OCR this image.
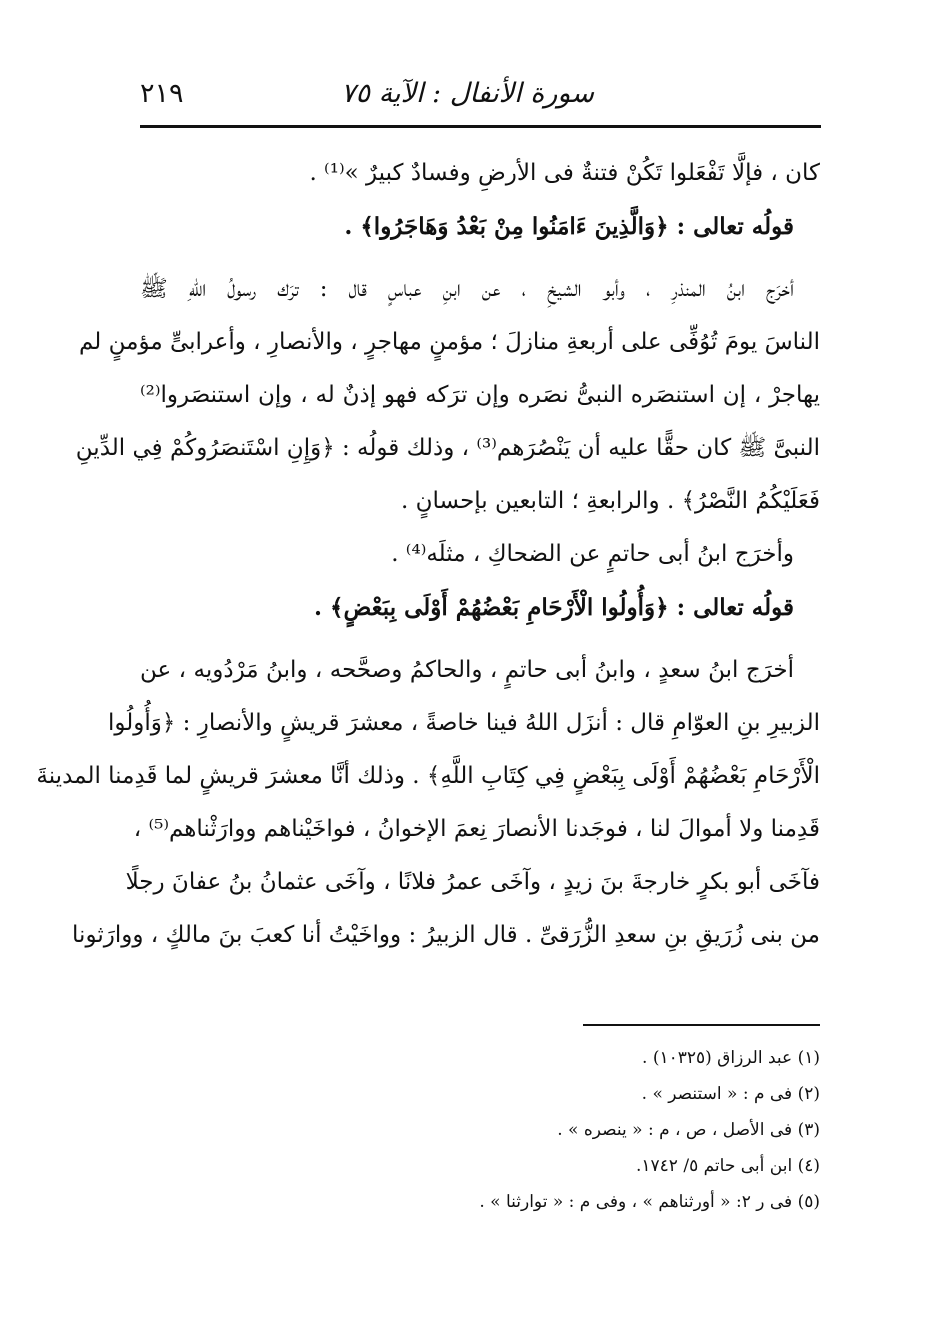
سورة الأنفال : الآية ٧٥
٢١٩
كان ، فإلَّا تَفْعَلوا تَكُنْ فتنةٌ فى الأرضِ وفسادٌ كبيرٌ »⁽¹⁾ .
قولُه تعالى : ﴿وَالَّذِينَ ءَامَنُوا مِنْ بَعْدُ وَهَاجَرُوا﴾ .
أخرَج ابنُ المنذرِ ، وأبو الشيخِ ، عن ابنِ عباسٍ قال : ترَك رسولُ اللهِ ﷺ
الناسَ يومَ تُوُفِّى على أربعةِ منازلَ ؛ مؤمنٍ مهاجرٍ ، والأنصارِ ، وأعرابىٍّ مؤمنٍ لم
يهاجرْ ، إن استنصَره النبىُّ نصَره وإن ترَكه فهو إذنٌ له ، وإن استنصَروا⁽²⁾
النبىَّ ﷺ كان حقًّا عليه أن يَنْصُرَهم⁽³⁾ ، وذلك قولُه : ﴿وَإِنِ اسْتَنصَرُوكُمْ فِي الدِّينِ
فَعَلَيْكُمُ النَّصْرُ﴾ . والرابعةِ ؛ التابعين بإحسانٍ .
وأخرَج ابنُ أبى حاتمٍ عن الضحاكِ ، مثلَه⁽⁴⁾ .
قولُه تعالى : ﴿وَأُولُوا الْأَرْحَامِ بَعْضُهُمْ أَوْلَى بِبَعْضٍ﴾ .
أخرَج ابنُ سعدٍ ، وابنُ أبى حاتمٍ ، والحاكمُ وصحَّحه ، وابنُ مَرْدُويه ، عن
الزبيرِ بنِ العوّامِ قال : أنزَل اللهُ فينا خاصةً ، معشرَ قريشٍ والأنصارِ : ﴿وَأُولُوا
الْأَرْحَامِ بَعْضُهُمْ أَوْلَى بِبَعْضٍ فِي كِتَابِ اللَّهِ﴾ . وذلك أنَّا معشرَ قريشٍ لما قَدِمنا المدينةَ
قَدِمنا ولا أموالَ لنا ، فوجَدنا الأنصارَ نِعمَ الإخوانُ ، فواخَيْناهم ووارَثْناهم⁽⁵⁾ ،
فآخَى أبو بكرٍ خارجةَ بنَ زيدٍ ، وآخَى عمرُ فلانًا ، وآخَى عثمانُ بنُ عفانَ رجلًا
من بنى زُرَيقِ بنِ سعدِ الزُّرَقىِّ . قال الزبيرُ : وواخَيْتُ أنا كعبَ بنَ مالكٍ ، ووارَثونا
(١) عبد الرزاق (١٠٣٢٥) .
(٢) فى م : « استنصر » .
(٣) فى الأصل ، ص ، م : « ينصره » .
(٤) ابن أبى حاتم ٥/ ١٧٤٢.
(٥) فى ر ٢: « أورثناهم » ، وفى م : « توارثنا » .
